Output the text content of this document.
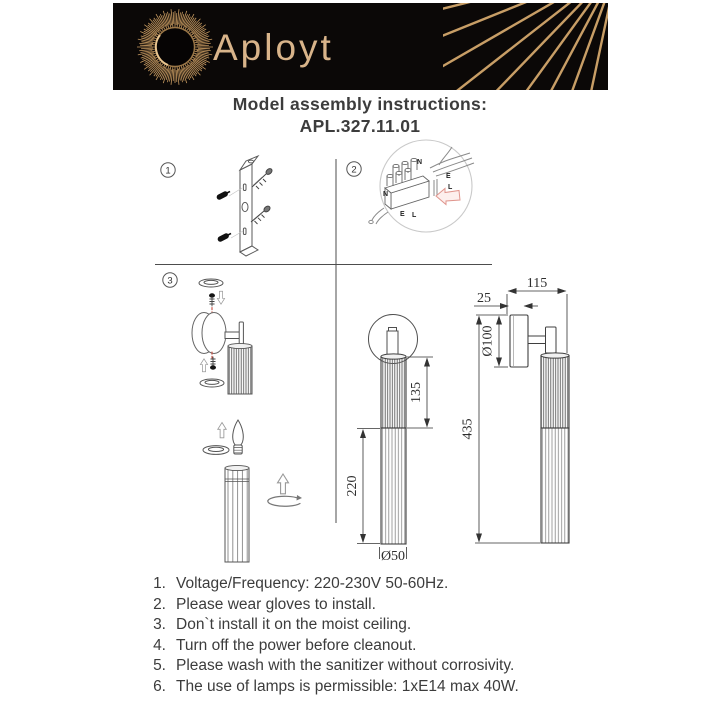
Aployt
Model assembly instructions:
APL.327.11.01
1	2
N
E
L
N
E L
3
135
220
Ø50
115
25
Ø100
435
1. Voltage/Frequency: 220-230V 50-60Hz.
2. Please wear gloves to install.
3. Don`t install it on the moist ceiling.
4. Turn off the power before cleanout.
5. Please wash with the sanitizer without corrosivity.
6. The use of lamps is permissible: 1xE14 max 40W.
